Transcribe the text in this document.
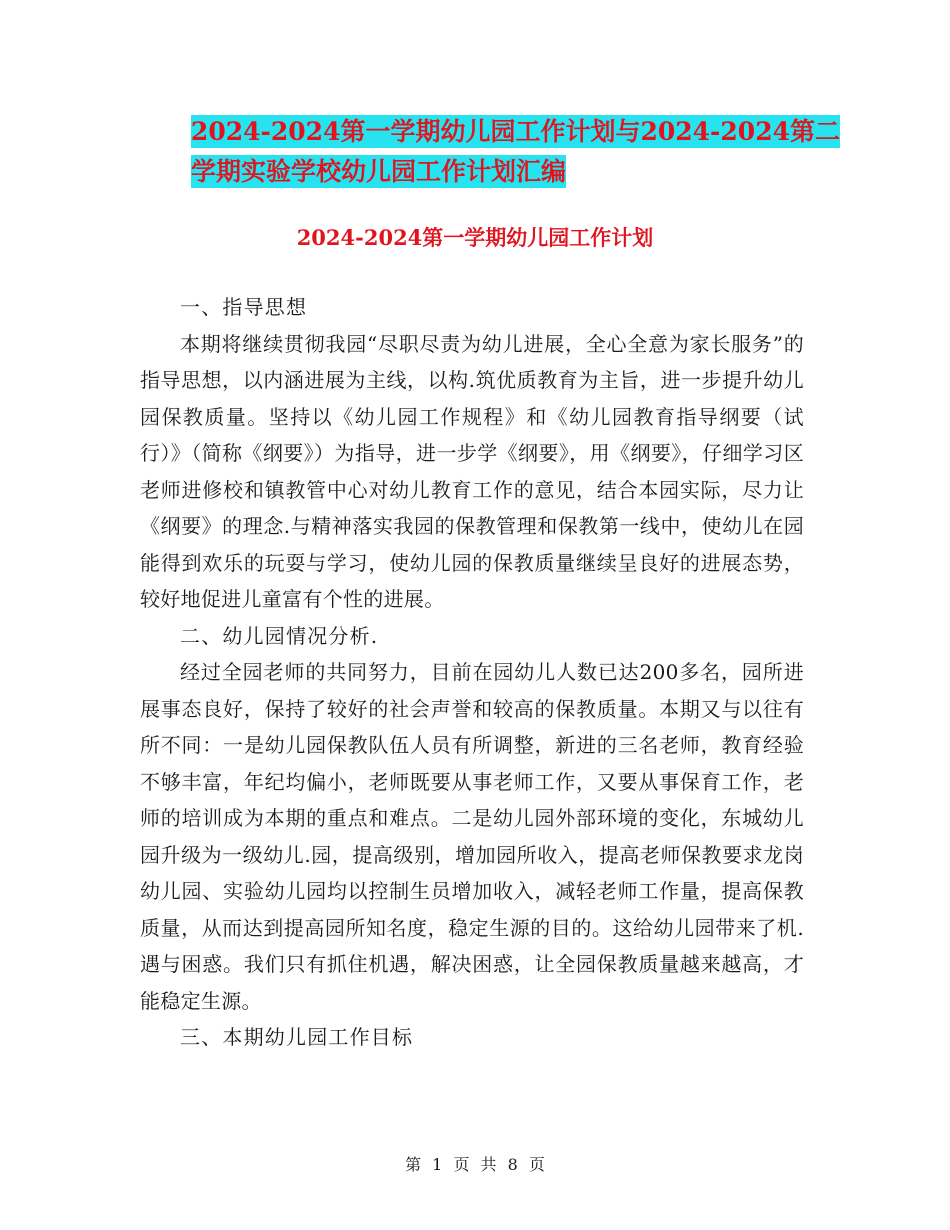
2024-2024第一学期幼儿园工作计划与2024-2024第二
学期实验学校幼儿园工作计划汇编
2024-2024第一学期幼儿园工作计划

一、指导思想

本期将继续贯彻我园“尽职尽责为幼儿进展，全心全意为家长服务”的指导思想，以内涵进展为主线，以构.筑优质教育为主旨，进一步提升幼儿园保教质量。坚持以《幼儿园工作规程》和《幼儿园教育指导纲要（试行）》（简称《纲要》）为指导，进一步学《纲要》，用《纲要》，仔细学习区老师进修校和镇教管中心对幼儿教育工作的意见，结合本园实际，尽力让《纲要》的理念.与精神落实我园的保教管理和保教第一线中，使幼儿在园能得到欢乐的玩耍与学习，使幼儿园的保教质量继续呈良好的进展态势，较好地促进儿童富有个性的进展。

二、幼儿园情况分析.

经过全园老师的共同努力，目前在园幼儿人数已达200多名，园所进展事态良好，保持了较好的社会声誉和较高的保教质量。本期又与以往有所不同：一是幼儿园保教队伍人员有所调整，新进的三名老师，教育经验不够丰富，年纪均偏小，老师既要从事老师工作，又要从事保育工作，老师的培训成为本期的重点和难点。二是幼儿园外部环境的变化，东城幼儿园升级为一级幼儿.园，提高级别，增加园所收入，提高老师保教要求龙岗幼儿园、实验幼儿园均以控制生员增加收入，减轻老师工作量，提高保教质量，从而达到提高园所知名度，稳定生源的目的。这给幼儿园带来了机.遇与困惑。我们只有抓住机遇，解决困惑，让全园保教质量越来越高，才能稳定生源。

三、本期幼儿园工作目标

第 1 页 共 8 页
